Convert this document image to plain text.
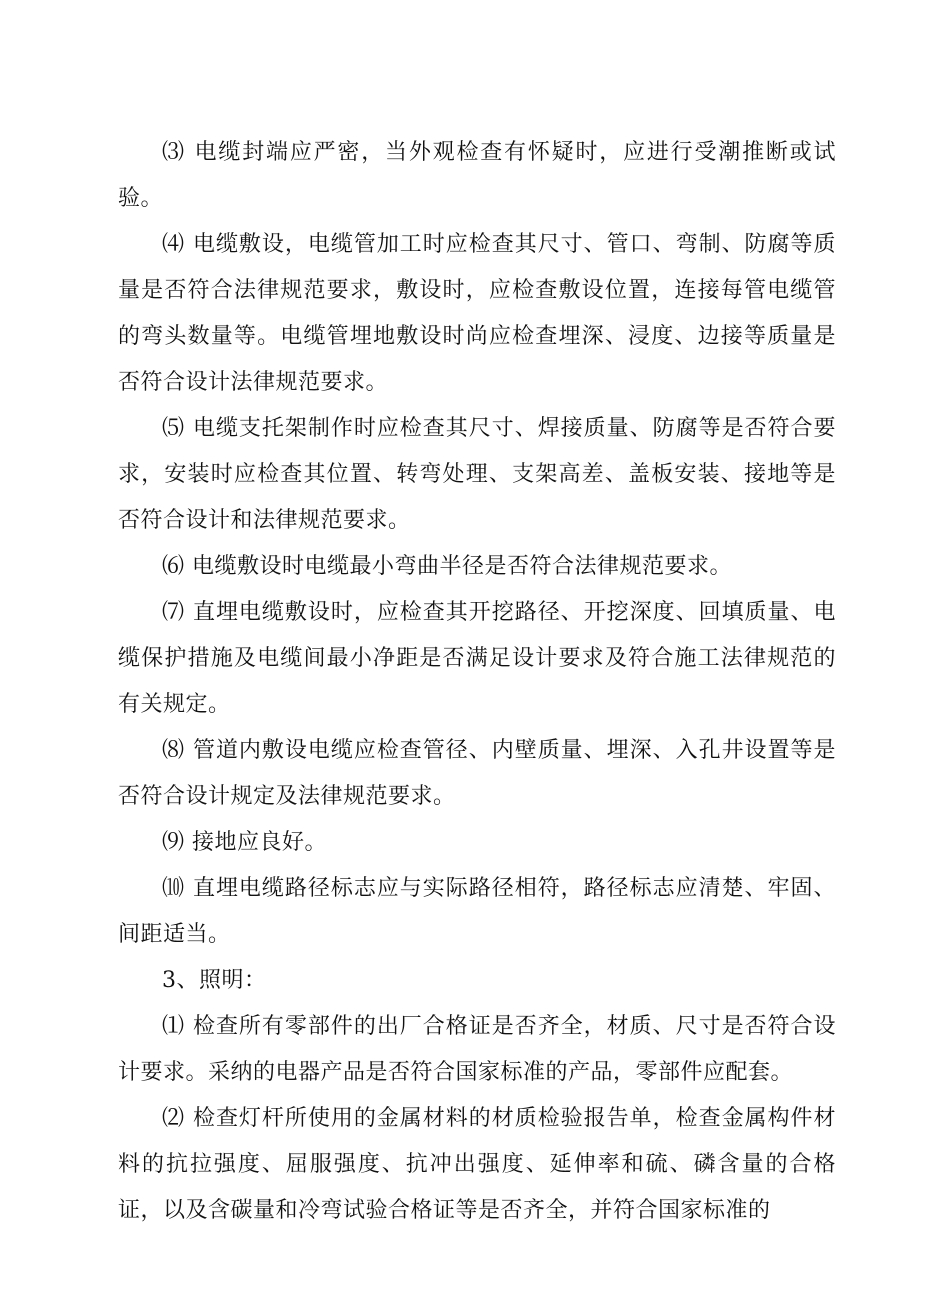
⑶ 电缆封端应严密，当外观检查有怀疑时，应进行受潮推断或试验。

⑷ 电缆敷设，电缆管加工时应检查其尺寸、管口、弯制、防腐等质量是否符合法律规范要求，敷设时，应检查敷设位置，连接每管电缆管的弯头数量等。电缆管埋地敷设时尚应检查埋深、浸度、边接等质量是否符合设计法律规范要求。

⑸ 电缆支托架制作时应检查其尺寸、焊接质量、防腐等是否符合要求，安装时应检查其位置、转弯处理、支架高差、盖板安装、接地等是否符合设计和法律规范要求。

⑹ 电缆敷设时电缆最小弯曲半径是否符合法律规范要求。

⑺ 直埋电缆敷设时，应检查其开挖路径、开挖深度、回填质量、电缆保护措施及电缆间最小净距是否满足设计要求及符合施工法律规范的有关规定。

⑻ 管道内敷设电缆应检查管径、内壁质量、埋深、入孔井设置等是否符合设计规定及法律规范要求。

⑼ 接地应良好。

⑽ 直埋电缆路径标志应与实际路径相符，路径标志应清楚、牢固、间距适当。

3、照明：

⑴ 检查所有零部件的出厂合格证是否齐全，材质、尺寸是否符合设计要求。采纳的电器产品是否符合国家标准的产品，零部件应配套。

⑵ 检查灯杆所使用的金属材料的材质检验报告单，检查金属构件材料的抗拉强度、屈服强度、抗冲出强度、延伸率和硫、磷含量的合格证，以及含碳量和冷弯试验合格证等是否齐全，并符合国家标准的
